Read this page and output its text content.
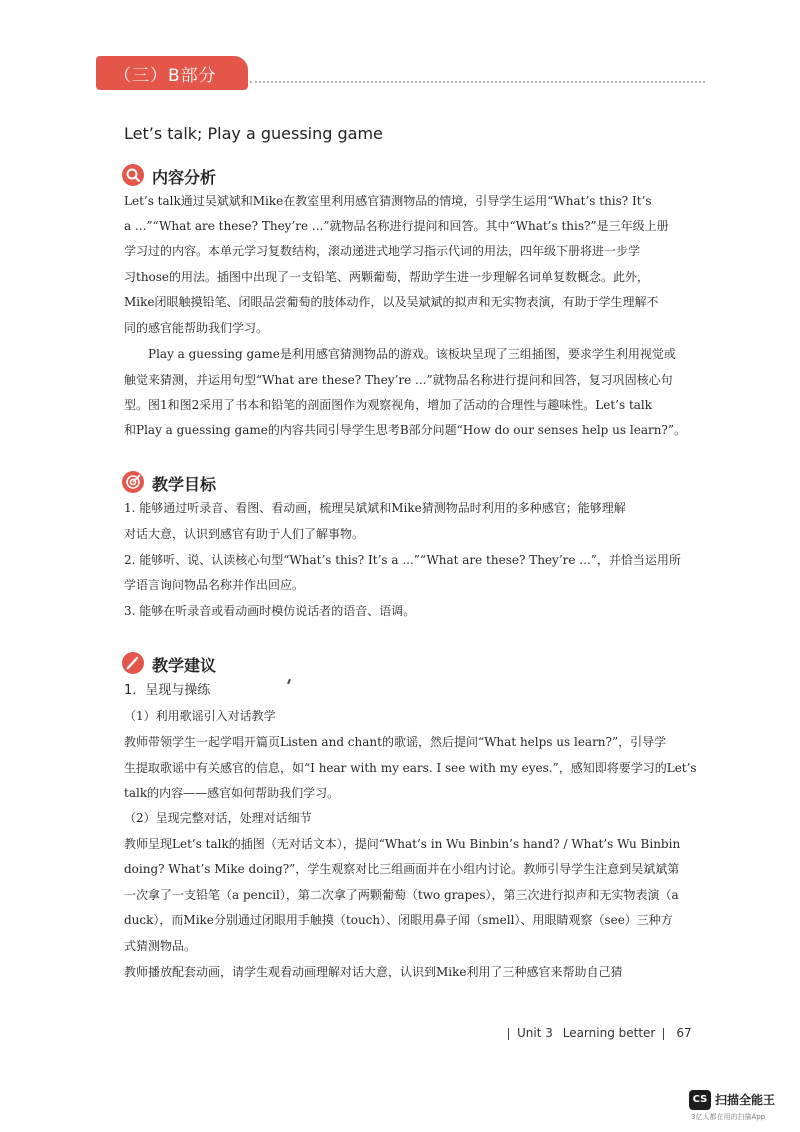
（三）B部分
Let’s talk; Play a guessing game
内容分析
Let’s talk通过吴斌斌和Mike在教室里利用感官猜测物品的情境，引导学生运用“What’s this? It’s
a ...”“What are these? They’re ...”就物品名称进行提问和回答。其中“What’s this?”是三年级上册
学习过的内容。本单元学习复数结构，滚动递进式地学习指示代词的用法，四年级下册将进一步学
习those的用法。插图中出现了一支铅笔、两颗葡萄，帮助学生进一步理解名词单复数概念。此外，
Mike闭眼触摸铅笔、闭眼品尝葡萄的肢体动作，以及吴斌斌的拟声和无实物表演，有助于学生理解不
同的感官能帮助我们学习。
Play a guessing game是利用感官猜测物品的游戏。该板块呈现了三组插图，要求学生利用视觉或
触觉来猜测，并运用句型“What are these? They’re ...”就物品名称进行提问和回答，复习巩固核心句
型。图1和图2采用了书本和铅笔的剖面图作为观察视角，增加了活动的合理性与趣味性。Let’s talk
和Play a guessing game的内容共同引导学生思考B部分问题“How do our senses help us learn?”。
教学目标
1. 能够通过听录音、看图、看动画，梳理吴斌斌和Mike猜测物品时利用的多种感官；能够理解
对话大意，认识到感官有助于人们了解事物。
2. 能够听、说、认读核心句型“What’s this? It’s a ...”“What are these? They’re ...”，并恰当运用所
学语言询问物品名称并作出回应。
3. 能够在听录音或看动画时模仿说话者的语音、语调。
教学建议
1．呈现与操练
（1）利用歌谣引入对话教学
教师带领学生一起学唱开篇页Listen and chant的歌谣，然后提问“What helps us learn?”，引导学
生提取歌谣中有关感官的信息，如“I hear with my ears. I see with my eyes.”，感知即将要学习的Let’s
talk的内容——感官如何帮助我们学习。
（2）呈现完整对话，处理对话细节
教师呈现Let’s talk的插图（无对话文本），提问“What’s in Wu Binbin’s hand? / What’s Wu Binbin
doing? What’s Mike doing?”，学生观察对比三组画面并在小组内讨论。教师引导学生注意到吴斌斌第
一次拿了一支铅笔（a pencil），第二次拿了两颗葡萄（two grapes），第三次进行拟声和无实物表演（a
duck），而Mike分别通过闭眼用手触摸（touch）、闭眼用鼻子闻（smell）、用眼睛观察（see）三种方
式猜测物品。
教师播放配套动画，请学生观看动画理解对话大意，认识到Mike利用了三种感官来帮助自己猜
Unit 3 Learning better 67
CS 扫描全能王
3亿人都在用的扫描App
